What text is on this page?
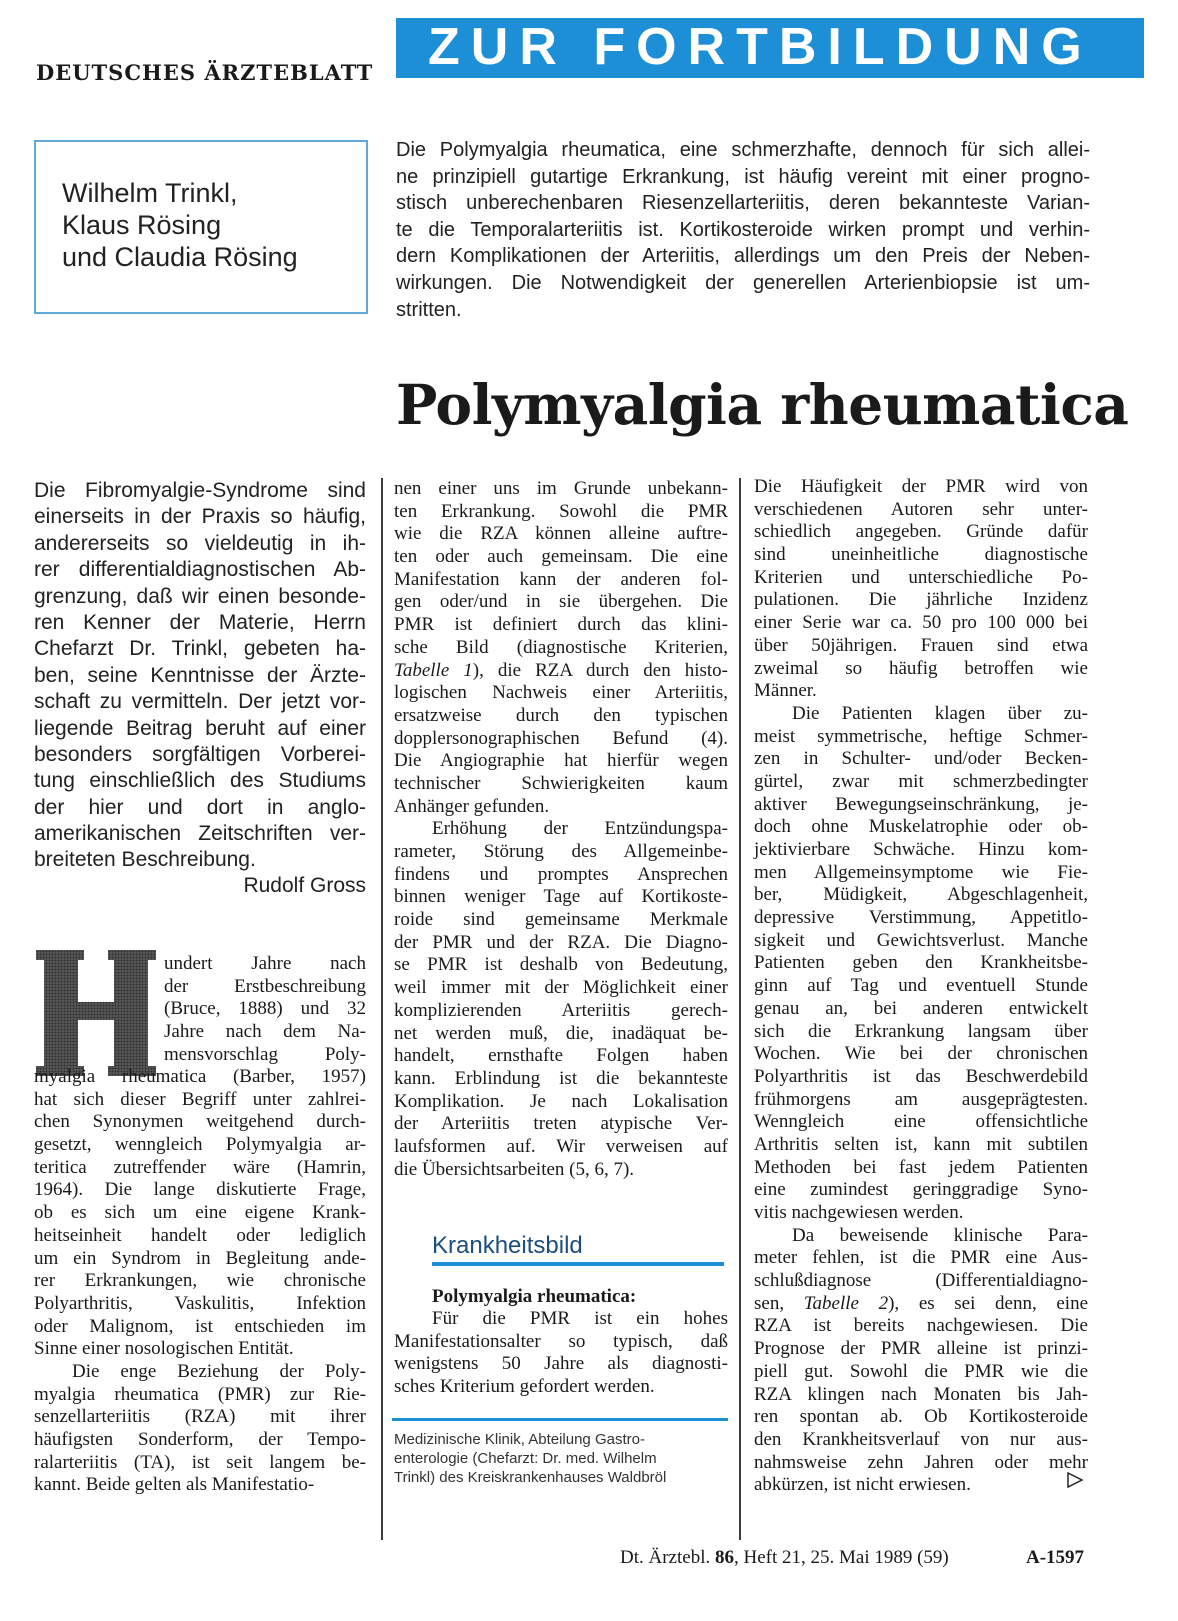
DEUTSCHES ÄRZTEBLATT ZUR FORTBILDUNG
Wilhelm Trinkl,
Klaus Rösing
und Claudia Rösing
Die Polymyalgia rheumatica, eine schmerzhafte, dennoch für sich allei-
ne prinzipiell gutartige Erkrankung, ist häufig vereint mit einer progno-
stisch unberechenbaren Riesenzellarteriitis, deren bekannteste Varian-
te die Temporalarteriitis ist. Kortikosteroide wirken prompt und verhin-
dern Komplikationen der Arteriitis, allerdings um den Preis der Neben-
wirkungen. Die Notwendigkeit der generellen Arterienbiopsie ist um-
stritten.
Polymyalgia rheumatica
Die Fibromyalgie-Syndrome sind
einerseits in der Praxis so häufig,
andererseits so vieldeutig in ih-
rer differentialdiagnostischen Ab-
grenzung, daß wir einen besonde-
ren Kenner der Materie, Herrn
Chefarzt Dr. Trinkl, gebeten ha-
ben, seine Kenntnisse der Ärzte-
schaft zu vermitteln. Der jetzt vor-
liegende Beitrag beruht auf einer
besonders sorgfältigen Vorberei-
tung einschließlich des Studiums
der hier und dort in anglo-
amerikanischen Zeitschriften ver-
breiteten Beschreibung.
Rudolf Gross
undert Jahre nach
der Erstbeschreibung
(Bruce, 1888) und 32
Jahre nach dem Na-
mensvorschlag Poly-
myalgia rheumatica (Barber, 1957)
hat sich dieser Begriff unter zahlrei-
chen Synonymen weitgehend durch-
gesetzt, wenngleich Polymyalgia ar-
teritica zutreffender wäre (Hamrin,
1964). Die lange diskutierte Frage,
ob es sich um eine eigene Krank-
heitseinheit handelt oder lediglich
um ein Syndrom in Begleitung ande-
rer Erkrankungen, wie chronische
Polyarthritis, Vaskulitis, Infektion
oder Malignom, ist entschieden im
Sinne einer nosologischen Entität.
Die enge Beziehung der Poly-
myalgia rheumatica (PMR) zur Rie-
senzellarteriitis (RZA) mit ihrer
häufigsten Sonderform, der Tempo-
ralarteriitis (TA), ist seit langem be-
kannt. Beide gelten als Manifestatio-
nen einer uns im Grunde unbekann-
ten Erkrankung. Sowohl die PMR
wie die RZA können alleine auftre-
ten oder auch gemeinsam. Die eine
Manifestation kann der anderen fol-
gen oder/und in sie übergehen. Die
PMR ist definiert durch das klini-
sche Bild (diagnostische Kriterien,
Tabelle 1), die RZA durch den histo-
logischen Nachweis einer Arteriitis,
ersatzweise durch den typischen
dopplersonographischen Befund (4).
Die Angiographie hat hierfür wegen
technischer Schwierigkeiten kaum
Anhänger gefunden.
Erhöhung der Entzündungspa-
rameter, Störung des Allgemeinbe-
findens und promptes Ansprechen
binnen weniger Tage auf Kortikoste-
roide sind gemeinsame Merkmale
der PMR und der RZA. Die Diagno-
se PMR ist deshalb von Bedeutung,
weil immer mit der Möglichkeit einer
komplizierenden Arteriitis gerech-
net werden muß, die, inadäquat be-
handelt, ernsthafte Folgen haben
kann. Erblindung ist die bekannteste
Komplikation. Je nach Lokalisation
der Arteriitis treten atypische Ver-
laufsformen auf. Wir verweisen auf
die Übersichtsarbeiten (5, 6, 7).
Krankheitsbild
Polymyalgia rheumatica:
Für die PMR ist ein hohes
Manifestationsalter so typisch, daß
wenigstens 50 Jahre als diagnosti-
sches Kriterium gefordert werden.
Medizinische Klinik, Abteilung Gastro-
enterologie (Chefarzt: Dr. med. Wilhelm
Trinkl) des Kreiskrankenhauses Waldbröl
Die Häufigkeit der PMR wird von
verschiedenen Autoren sehr unter-
schiedlich angegeben. Gründe dafür
sind uneinheitliche diagnostische
Kriterien und unterschiedliche Po-
pulationen. Die jährliche Inzidenz
einer Serie war ca. 50 pro 100 000 bei
über 50jährigen. Frauen sind etwa
zweimal so häufig betroffen wie
Männer.
Die Patienten klagen über zu-
meist symmetrische, heftige Schmer-
zen in Schulter- und/oder Becken-
gürtel, zwar mit schmerzbedingter
aktiver Bewegungseinschränkung, je-
doch ohne Muskelatrophie oder ob-
jektivierbare Schwäche. Hinzu kom-
men Allgemeinsymptome wie Fie-
ber, Müdigkeit, Abgeschlagenheit,
depressive Verstimmung, Appetitlo-
sigkeit und Gewichtsverlust. Manche
Patienten geben den Krankheitsbe-
ginn auf Tag und eventuell Stunde
genau an, bei anderen entwickelt
sich die Erkrankung langsam über
Wochen. Wie bei der chronischen
Polyarthritis ist das Beschwerdebild
frühmorgens am ausgeprägtesten.
Wenngleich eine offensichtliche
Arthritis selten ist, kann mit subtilen
Methoden bei fast jedem Patienten
eine zumindest geringgradige Syno-
vitis nachgewiesen werden.
Da beweisende klinische Para-
meter fehlen, ist die PMR eine Aus-
schlußdiagnose (Differentialdiagno-
sen, Tabelle 2), es sei denn, eine
RZA ist bereits nachgewiesen. Die
Prognose der PMR alleine ist prinzi-
piell gut. Sowohl die PMR wie die
RZA klingen nach Monaten bis Jah-
ren spontan ab. Ob Kortikosteroide
den Krankheitsverlauf von nur aus-
nahmsweise zehn Jahren oder mehr
abkürzen, ist nicht erwiesen.
Dt. Ärztebl. 86, Heft 21, 25. Mai 1989 (59)	A-1597
